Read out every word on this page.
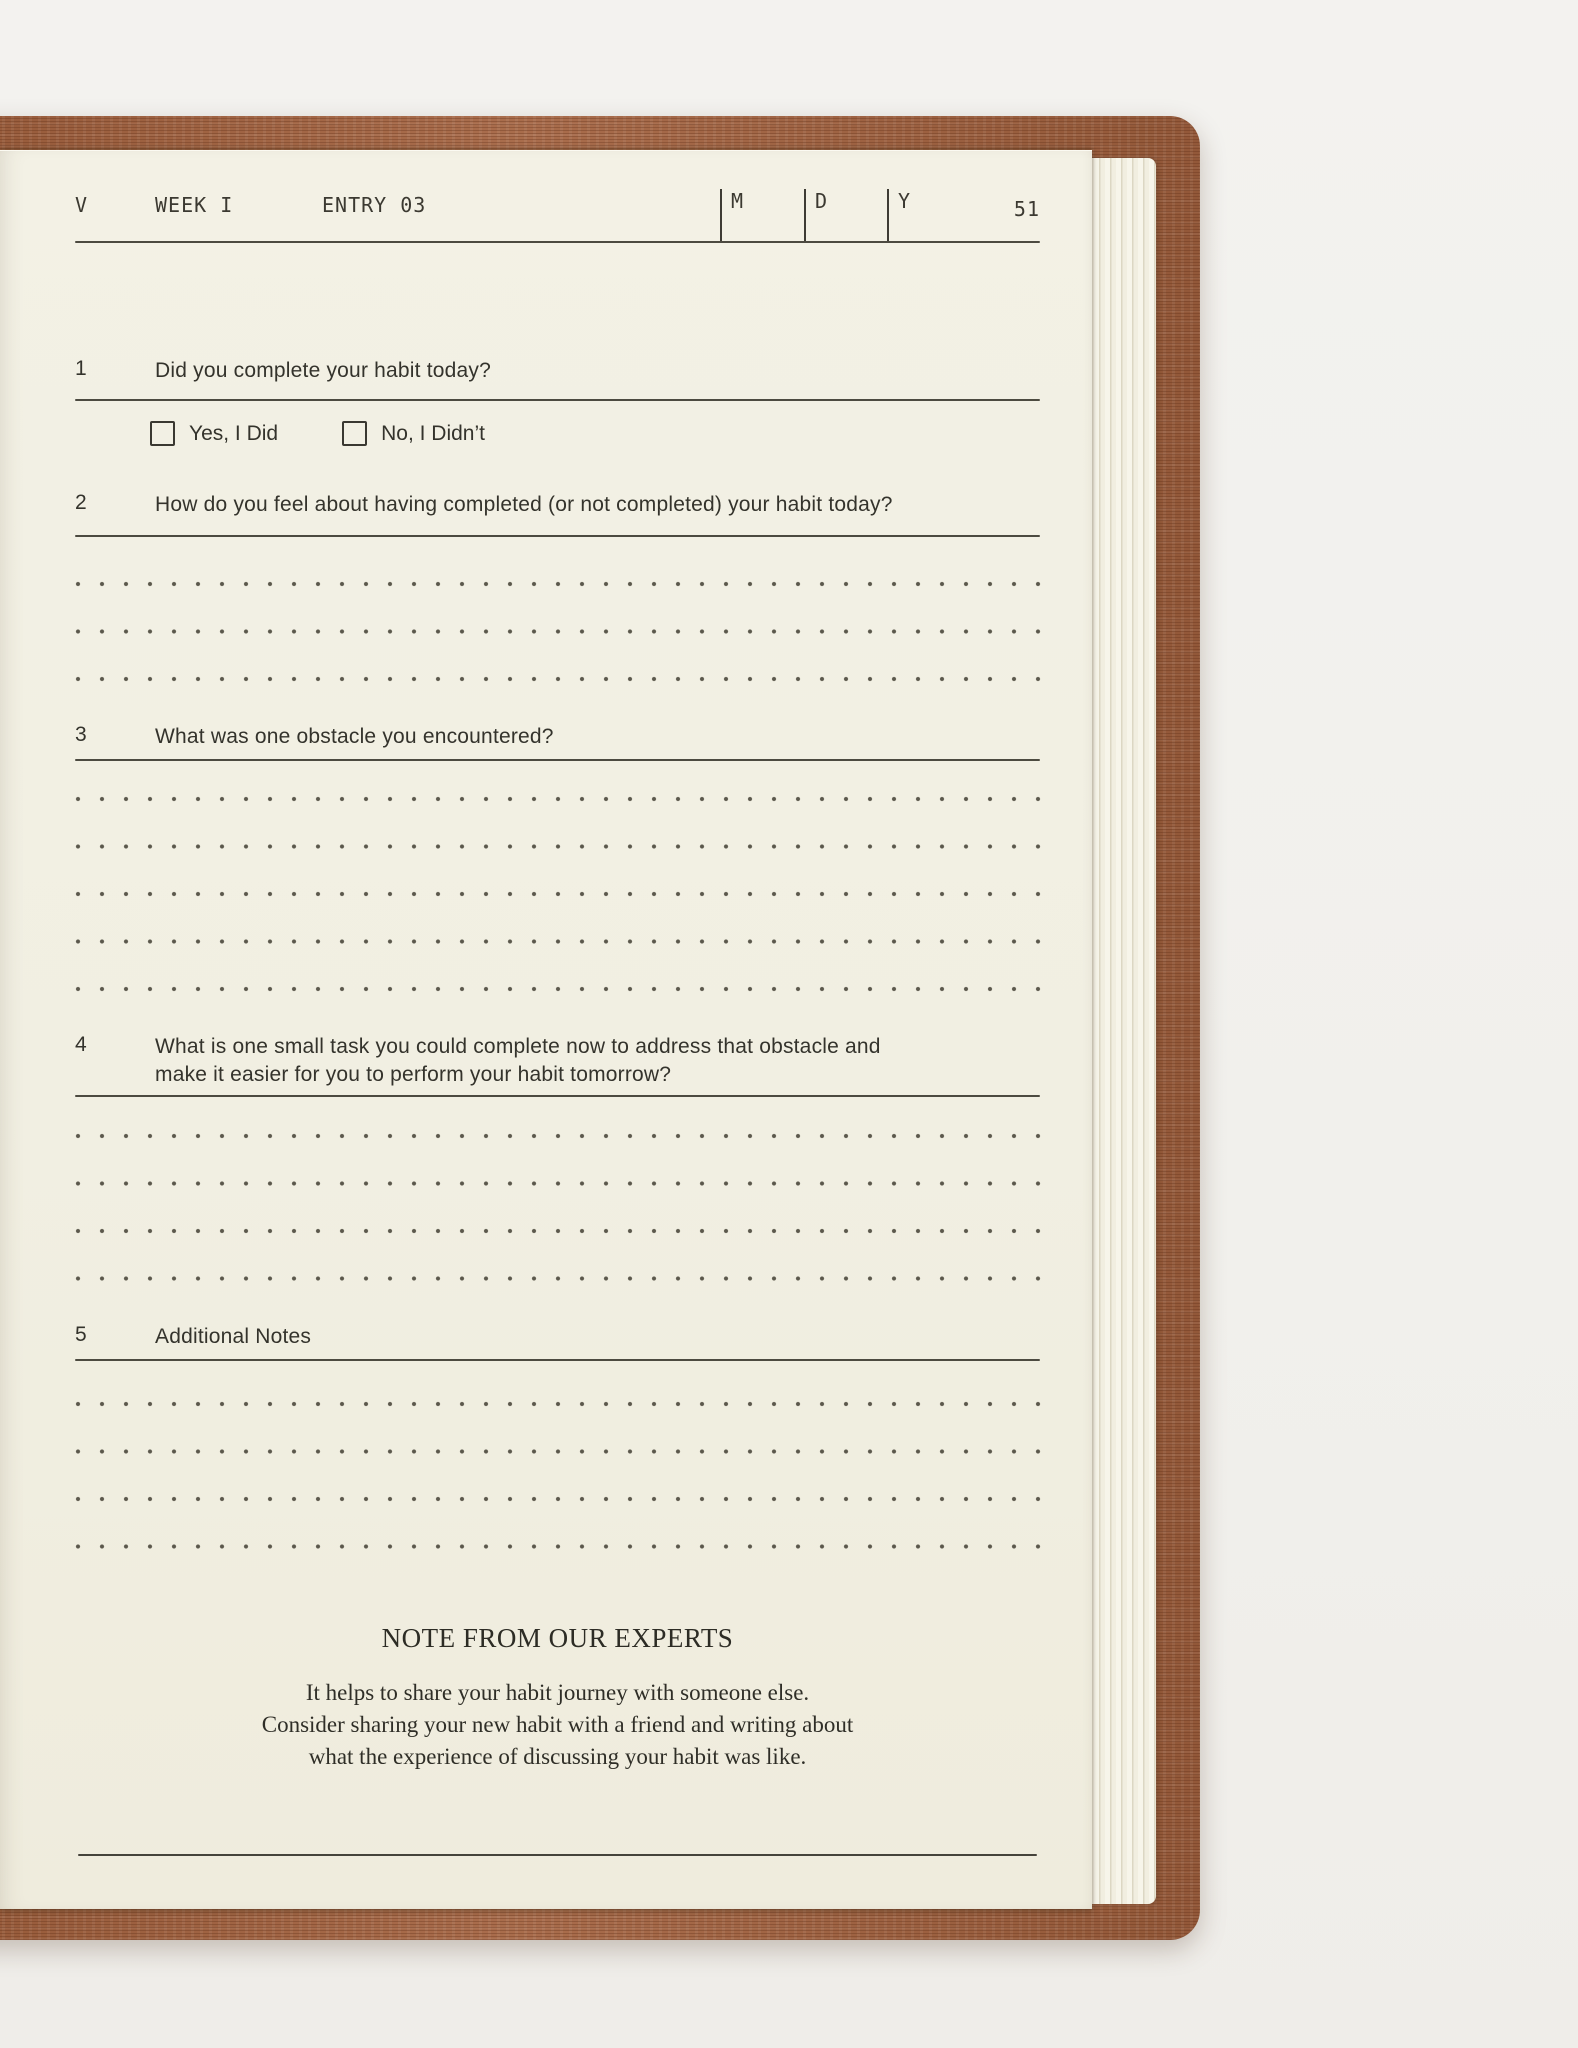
V	WEEK I	ENTRY 03	M	D	Y	51
1	Did you complete your habit today?
Yes, I Did	No, I Didn’t
2	How do you feel about having completed (or not completed) your habit today?
3	What was one obstacle you encountered?
4	What is one small task you could complete now to address that obstacle and
make it easier for you to perform your habit tomorrow?
5	Additional Notes
NOTE FROM OUR EXPERTS
It helps to share your habit journey with someone else.
Consider sharing your new habit with a friend and writing about
what the experience of discussing your habit was like.
